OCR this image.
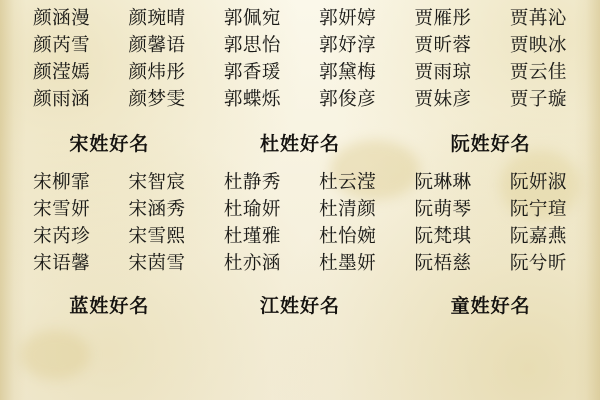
颜涵漫	颜琬晴	郭佩宛	郭妍婷	贾雁彤	贾苒沁
颜芮雪	颜馨语	郭思怡	郭妤淳	贾昕蓉	贾映冰
颜滢嫣	颜炜彤	郭香瑗	郭黛梅	贾雨琼	贾云佳
颜雨涵	颜梦雯	郭蝶烁	郭俊彦	贾妹彦	贾子璇
宋姓好名	杜姓好名	阮姓好名
宋柳霏	宋智宸	杜静秀	杜云滢	阮琳琳	阮妍淑
宋雪妍	宋涵秀	杜瑜妍	杜清颜	阮萌琴	阮宁瑄
宋芮珍	宋雪熙	杜瑾雅	杜怡婉	阮梵琪	阮嘉燕
宋语馨	宋茵雪	杜亦涵	杜墨妍	阮梧慈	阮兮昕
蓝姓好名	江姓好名	童姓好名
